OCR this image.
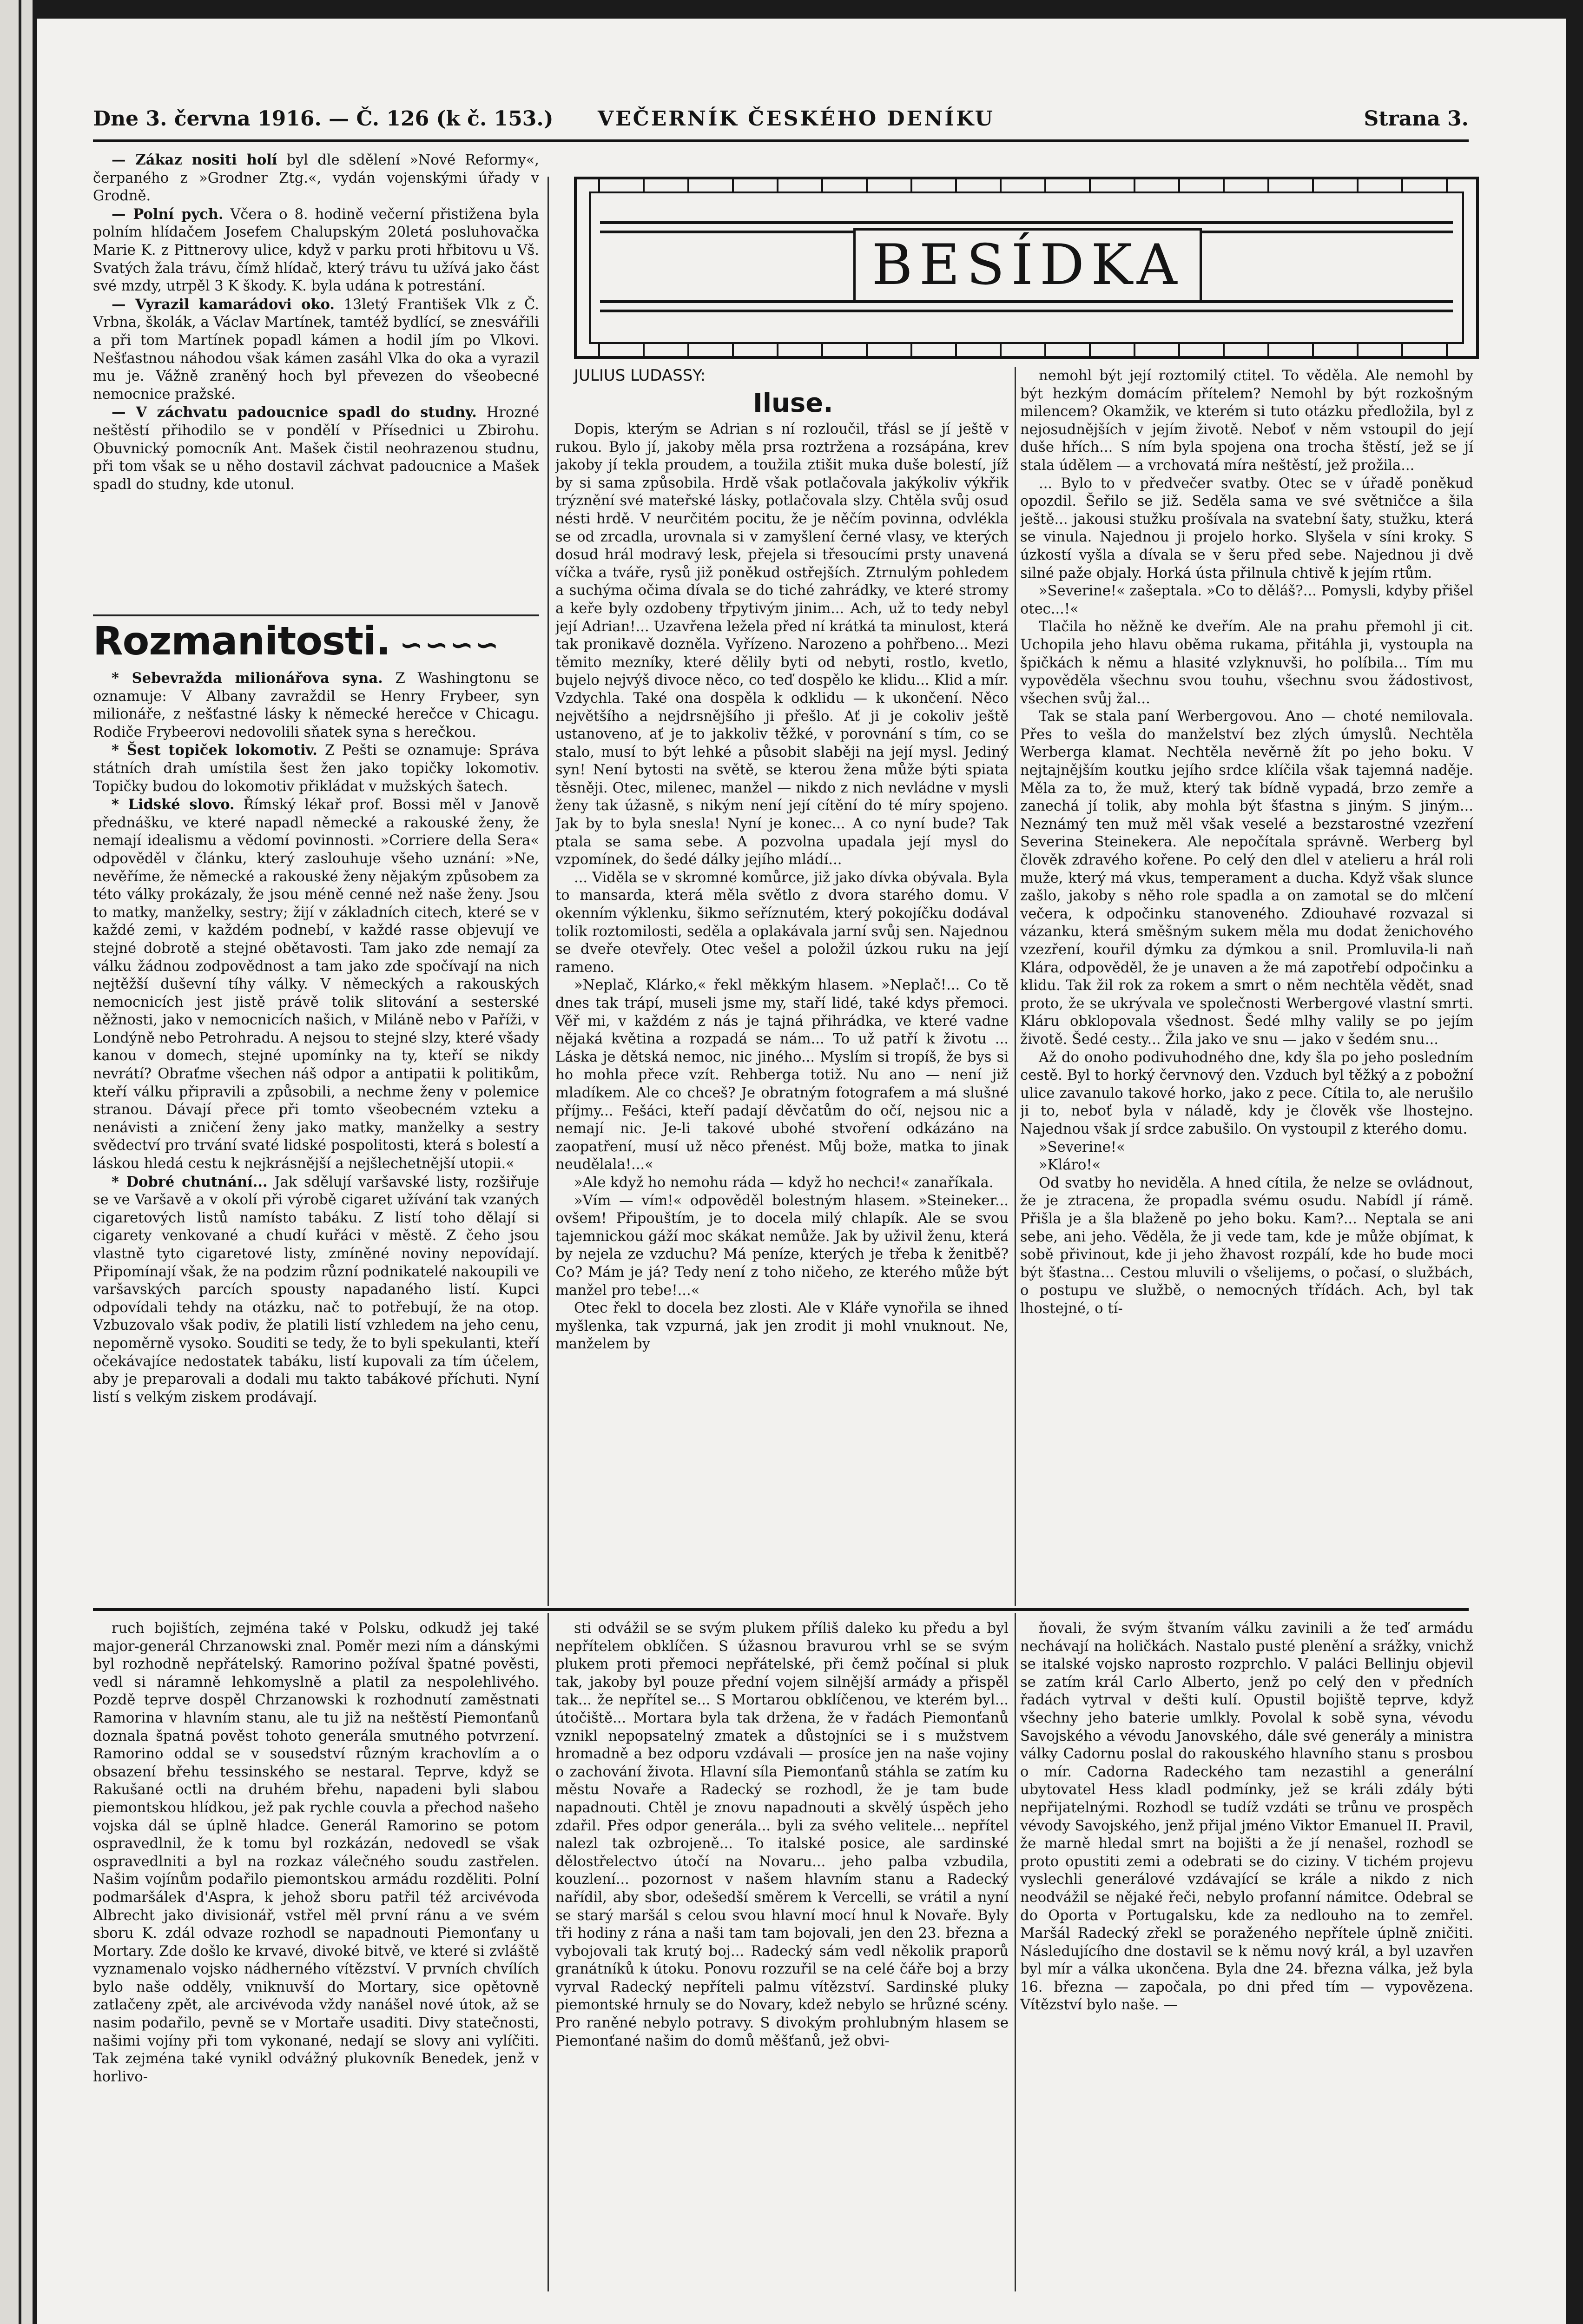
Dne 3. června 1916. — Č. 126 (k č. 153.) VEČERNÍK ČESKÉHO DENÍKU	Strana 3.

— Zákaz nositi holí byl dle sdělení »Nové Reformy«, čerpaného z »Grodner Ztg.«, vydán vojenskými úřady v Grodně.

— Polní pych. Včera o 8. hodině večerní přistižena byla polním hlídačem Josefem Chalupským 20letá posluhovačka Marie K. z Pittnerovy ulice, když v parku proti hřbitovu u Vš. Svatých žala trávu, čímž hlídač, který trávu tu užívá jako část své mzdy, utrpěl 3 K škody. K. byla udána k potrestání.

— Vyrazil kamarádovi oko. 13letý František Vlk z Č. Vrbna, školák, a Václav Martínek, tamtéž bydlící, se znesvářili a při tom Martínek popadl kámen a hodil jím po Vlkovi. Nešťastnou náhodou však kámen zasáhl Vlka do oka a vyrazil mu je. Vážně zraněný hoch byl převezen do všeobecné nemocnice pražské.

— V záchvatu padoucnice spadl do studny. Hrozné neštěstí přihodilo se v pondělí v Přísednici u Zbirohu. Obuvnický pomocník Ant. Mašek čistil neohrazenou studnu, při tom však se u něho dostavil záchvat padoucnice a Mašek spadl do studny, kde utonul.

Rozmanitosti. ∽∽∽∽

* Sebevražda milionářova syna. Z Washingtonu se oznamuje: V Albany zavraždil se Henry Frybeer, syn milionáře, z nešťastné lásky k německé herečce v Chicagu. Rodiče Frybeerovi nedovolili sňatek syna s herečkou.

* Šest topiček lokomotiv. Z Pešti se oznamuje: Správa státních drah umístila šest žen jako topičky lokomotiv. Topičky budou do lokomotiv přikládat v mužských šatech.

* Lidské slovo. Římský lékař prof. Bossi měl v Janově přednášku, ve které napadl německé a rakouské ženy, že nemají idealismu a vědomí povinnosti. »Corriere della Sera« odpověděl v článku, který zaslouhuje všeho uznání: »Ne, nevěříme, že německé a rakouské ženy nějakým způsobem za této války prokázaly, že jsou méně cenné než naše ženy. Jsou to matky, manželky, sestry; žijí v základních citech, které se v každé zemi, v každém podnebí, v každé rasse objevují ve stejné dobrotě a stejné obětavosti. Tam jako zde nemají za válku žádnou zodpovědnost a tam jako zde spočívají na nich nejtěžší duševní tíhy války. V německých a rakouských nemocnicích jest jistě právě tolik slitování a sesterské něžnosti, jako v nemocnicích našich, v Miláně nebo v Paříži, v Londýně nebo Petrohradu. A nejsou to stejné slzy, které všady kanou v domech, stejné upomínky na ty, kteří se nikdy nevrátí? Obraťme všechen náš odpor a antipatii k politikům, kteří válku připravili a způsobili, a nechme ženy v polemice stranou. Dávají přece při tomto všeobecném vzteku a nenávisti a zničení ženy jako matky, manželky a sestry svědectví pro trvání svaté lidské pospolitosti, která s bolestí a láskou hledá cestu k nejkrásnější a nejšlechetnější utopii.«

* Dobré chutnání... Jak sdělují varšavské listy, rozšiřuje se ve Varšavě a v okolí při výrobě cigaret užívání tak vzaných cigaretových listů namísto tabáku. Z listí toho dělají si cigarety venkované a chudí kuřáci v městě. Z čeho jsou vlastně tyto cigaretové listy, zmíněné noviny nepovídají. Připomínají však, že na podzim různí podnikatelé nakoupili ve varšavských parcích spousty napadaného listí. Kupci odpovídali tehdy na otázku, nač to potřebují, že na otop. Vzbuzovalo však podiv, že platili listí vzhledem na jeho cenu, nepoměrně vysoko. Souditi se tedy, že to byli spekulanti, kteří očekávajíce nedostatek tabáku, listí kupovali za tím účelem, aby je preparovali a dodali mu takto tabákové příchuti. Nyní listí s velkým ziskem prodávají.

BESÍDKA
JULIUS LUDASSY:
Iluse.

Dopis, kterým se Adrian s ní rozloučil, třásl se jí ještě v rukou. Bylo jí, jakoby měla prsa roztržena a rozsápána, krev jakoby jí tekla proudem, a toužila ztišit muka duše bolestí, jíž by si sama způsobila. Hrdě však potlačovala jakýkoliv výkřik trýznění své mateřské lásky, potlačovala slzy. Chtěla svůj osud nésti hrdě. V neurčitém pocitu, že je něčím povinna, odvlékla se od zrcadla, urovnala si v zamyšlení černé vlasy, ve kterých dosud hrál modravý lesk, přejela si třesoucími prsty unavená víčka a tváře, rysů již poněkud ostřejších. Ztrnulým pohledem a suchýma očima dívala se do tiché zahrádky, ve které stromy a keře byly ozdobeny třpytivým jinim... Ach, už to tedy nebyl její Adrian!... Uzavřena ležela před ní krátká ta minulost, která tak pronikavě dozněla. Vyřízeno. Narozeno a pohřbeno... Mezi těmito mezníky, které dělily byti od nebyti, rostlo, kvetlo, bujelo nejvýš divoce něco, co teď dospělo ke klidu... Klid a mír. Vzdychla. Také ona dospěla k odklidu — k ukončení. Něco největšího a nejdrsnějšího ji přešlo. Ať ji je cokoliv ještě ustanoveno, ať je to jakkoliv těžké, v porovnání s tím, co se stalo, musí to být lehké a působit slaběji na její mysl. Jediný syn! Není bytosti na světě, se kterou žena může býti spiata těsněji. Otec, milenec, manžel — nikdo z nich nevládne v mysli ženy tak úžasně, s nikým není její cítění do té míry spojeno. Jak by to byla snesla! Nyní je konec... A co nyní bude? Tak ptala se sama sebe. A pozvolna upadala její mysl do vzpomínek, do šedé dálky jejího mládí...

... Viděla se v skromné komůrce, již jako dívka obývala. Byla to mansarda, která měla světlo z dvora starého domu. V okenním výklenku, šikmo seříznutém, který pokojíčku dodával tolik roztomilosti, seděla a oplakávala jarní svůj sen. Najednou se dveře otevřely. Otec vešel a položil úzkou ruku na její rameno.

»Neplač, Klárko,« řekl měkkým hlasem. »Neplač!... Co tě dnes tak trápí, museli jsme my, staří lidé, také kdys přemoci. Věř mi, v každém z nás je tajná přihrádka, ve které vadne nějaká květina a rozpadá se nám... To už patří k životu ... Láska je dětská nemoc, nic jiného... Myslím si tropíš, že bys si ho mohla přece vzít. Rehberga totiž. Nu ano — není již mladíkem. Ale co chceš? Je obratným fotografem a má slušné příjmy... Fešáci, kteří padají děvčatům do očí, nejsou nic a nemají nic. Je-li takové ubohé stvoření odkázáno na zaopatření, musí už něco přenést. Můj bože, matka to jinak neudělala!...«

»Ale když ho nemohu ráda — když ho nechci!« zanaříkala.

»Vím — vím!« odpověděl bolestným hlasem. »Steineker... ovšem! Připouštím, je to docela milý chlapík. Ale se svou tajemnickou gáží moc skákat nemůže. Jak by uživil ženu, která by nejela ze vzduchu? Má peníze, kterých je třeba k ženitbě? Co? Mám je já? Tedy není z toho ničeho, ze kterého může být manžel pro tebe!...«

Otec řekl to docela bez zlosti. Ale v Kláře vynořila se ihned myšlenka, tak vzpurná, jak jen zrodit ji mohl vnuknout. Ne, manželem by

nemohl být její roztomilý ctitel. To věděla. Ale nemohl by být hezkým domácím přítelem? Nemohl by být rozkošným milencem? Okamžik, ve kterém si tuto otázku předložila, byl z nejosudnějších v jejím životě. Neboť v něm vstoupil do její duše hřích... S ním byla spojena ona trocha štěstí, jež se jí stala údělem — a vrchovatá míra neštěstí, jež prožila...

... Bylo to v předvečer svatby. Otec se v úřadě poněkud opozdil. Šeřilo se již. Seděla sama ve své světničce a šila ještě... jakousi stužku prošívala na svatební šaty, stužku, která se vinula. Najednou ji projelo horko. Slyšela v síni kroky. S úzkostí vyšla a dívala se v šeru před sebe. Najednou ji dvě silné paže objaly. Horká ústa přilnula chtivě k jejím rtům.

»Severine!« zašeptala. »Co to děláš?... Pomysli, kdyby přišel otec...!«

Tlačila ho něžně ke dveřím. Ale na prahu přemohl ji cit. Uchopila jeho hlavu oběma rukama, přitáhla ji, vystoupla na špičkách k němu a hlasité vzlyknuvši, ho políbila... Tím mu vypověděla všechnu svou touhu, všechnu svou žádostivost, všechen svůj žal...

Tak se stala paní Werbergovou. Ano — choté nemilovala. Přes to vešla do manželství bez zlých úmyslů. Nechtěla Werberga klamat. Nechtěla nevěrně žít po jeho boku. V nejtajnějším koutku jejího srdce klíčila však tajemná naděje. Měla za to, že muž, který tak bídně vypadá, brzo zemře a zanechá jí tolik, aby mohla být šťastna s jiným. S jiným... Neznámý ten muž měl však veselé a bezstarostné vzezření Severina Steinekera. Ale nepočítala správně. Werberg byl člověk zdravého kořene. Po celý den dlel v atelieru a hrál roli muže, který má vkus, temperament a ducha. Když však slunce zašlo, jakoby s něho role spadla a on zamotal se do mlčení večera, k odpočinku stanoveného. Zdiouhavé rozvazal si vázanku, která směšným sukem měla mu dodat ženichového vzezření, kouřil dýmku za dýmkou a snil. Promluvila-li naň Klára, odpověděl, že je unaven a že má zapotřebí odpočinku a klidu. Tak žil rok za rokem a smrt o něm nechtěla vědět, snad proto, že se ukrývala ve společnosti Werbergové vlastní smrti. Kláru obklopovala všednost. Šedé mlhy valily se po jejím životě. Šedé cesty... Žila jako ve snu — jako v šedém snu...

Až do onoho podivuhodného dne, kdy šla po jeho posledním cestě. Byl to horký červnový den. Vzduch byl těžký a z pobožní ulice zavanulo takové horko, jako z pece. Cítila to, ale nerušilo ji to, neboť byla v náladě, kdy je člověk vše lhostejno. Najednou však jí srdce zabušilo. On vystoupil z kterého domu.

»Severine!«

»Kláro!«

Od svatby ho neviděla. A hned cítila, že nelze se ovládnout, že je ztracena, že propadla svému osudu. Nabídl jí rámě. Přišla je a šla blaženě po jeho boku. Kam?... Neptala se ani sebe, ani jeho. Věděla, že ji vede tam, kde je může objímat, k sobě přivinout, kde ji jeho žhavost rozpálí, kde ho bude moci být šťastna... Cestou mluvili o všelijems, o počasí, o službách, o postupu ve službě, o nemocných třídách. Ach, byl tak lhostejné, o tí-

ruch bojištích, zejména také v Polsku, odkudž jej také major-generál Chrzanowski znal. Poměr mezi ním a dánskými byl rozhodně nepřátelský. Ramorino požíval špatné pověsti, vedl si náramně lehkomyslně a platil za nespolehlivého. Pozdě teprve dospěl Chrzanowski k rozhodnutí zaměstnati Ramorina v hlavním stanu, ale tu již na neštěstí Piemonťanů doznala špatná pověst tohoto generála smutného potvrzení. Ramorino oddal se v sousedství různým krachovlím a o obsazení břehu tessinského se nestaral. Teprve, když se Rakušané octli na druhém břehu, napadeni byli slabou piemontskou hlídkou, jež pak rychle couvla a přechod našeho vojska dál se úplně hladce. Generál Ramorino se potom ospravedlnil, že k tomu byl rozkázán, nedovedl se však ospravedlniti a byl na rozkaz válečného soudu zastřelen. Našim vojínům podařilo piemontskou armádu rozděliti. Polní podmaršálek d'Aspra, k jehož sboru patřil též arcivévoda Albrecht jako divisionář, vstřel měl první ránu a ve svém sboru K. zdál odvaze rozhodl se napadnouti Piemonťany u Mortary. Zde došlo ke krvavé, divoké bitvě, ve které si zvláště vyznamenalo vojsko nádherného vítězství. V prvních chvílích bylo naše odděly, vniknuvší do Mortary, sice opětovně zatlačeny zpět, ale arcivévoda vždy nanášel nové útok, až se nasim podařilo, pevně se v Mortaře usaditi. Divy statečnosti, našimi vojíny při tom vykonané, nedají se slovy ani vylíčiti. Tak zejména také vynikl odvážný plukovník Benedek, jenž v horlivo-

sti odvážil se se svým plukem příliš daleko ku předu a byl nepřítelem obklíčen. S úžasnou bravurou vrhl se se svým plukem proti přemoci nepřátelské, při čemž počínal si pluk tak, jakoby byl pouze přední vojem silnější armády a přispěl tak... že nepřítel se... S Mortarou obklíčenou, ve kterém byl... útočiště... Mortara byla tak držena, že v řadách Piemonťanů vznikl nepopsatelný zmatek a důstojníci se i s mužstvem hromadně a bez odporu vzdávali — prosíce jen na naše vojiny o zachování života. Hlavní síla Piemonťanů stáhla se zatím ku městu Novaře a Radecký se rozhodl, že je tam bude napadnouti. Chtěl je znovu napadnouti a skvělý úspěch jeho zdařil. Přes odpor generála... byli za svého velitele... nepřítel nalezl tak ozbrojeně... To italské posice, ale sardinské dělostřelectvo útočí na Novaru... jeho palba vzbudila, kouzlení... pozornost v našem hlavním stanu a Radecký nařídil, aby sbor, odešedší směrem k Vercelli, se vrátil a nyní se starý maršál s celou svou hlavní mocí hnul k Novaře. Byly tři hodiny z rána a naši tam tam bojovali, jen den 23. března a vybojovali tak krutý boj... Radecký sám vedl několik praporů granátníků k útoku. Ponovu rozzuřil se na celé čáře boj a brzy vyrval Radecký nepříteli palmu vítězství. Sardinské pluky piemontské hrnuly se do Novary, kdež nebylo se hrůzné scény. Pro raněné nebylo potravy. S divokým prohlubným hlasem se Piemonťané našim do domů měšťanů, jež obvi-

ňovali, že svým štvaním válku zavinili a že teď armádu nechávají na holičkách. Nastalo pusté plenění a srážky, vnichž se italské vojsko naprosto rozprchlo. V paláci Bellinju objevil se zatím král Carlo Alberto, jenž po celý den v předních řadách vytrval v dešti kulí. Opustil bojiště teprve, když všechny jeho baterie umlkly. Povolal k sobě syna, vévodu Savojského a vévodu Janovského, dále své generály a ministra války Cadornu poslal do rakouského hlavního stanu s prosbou o mír. Cadorna Radeckého tam nezastihl a generální ubytovatel Hess kladl podmínky, jež se králi zdály býti nepřijatelnými. Rozhodl se tudíž vzdáti se trůnu ve prospěch vévody Savojského, jenž přijal jméno Viktor Emanuel II. Pravil, že marně hledal smrt na bojišti a že jí nenašel, rozhodl se proto opustiti zemi a odebrati se do ciziny. V tichém projevu vyslechli generálové vzdávající se krále a nikdo z nich neodvážil se nějaké řeči, nebylo profanní námitce. Odebral se do Oporta v Portugalsku, kde za nedlouho na to zemřel. Maršál Radecký zřekl se poraženého nepřítele úplně zničiti. Následujícího dne dostavil se k němu nový král, a byl uzavřen byl mír a válka ukončena. Byla dne 24. března válka, jež byla 16. března — započala, po dni před tím — vypovězena. Vítězství bylo naše. —
